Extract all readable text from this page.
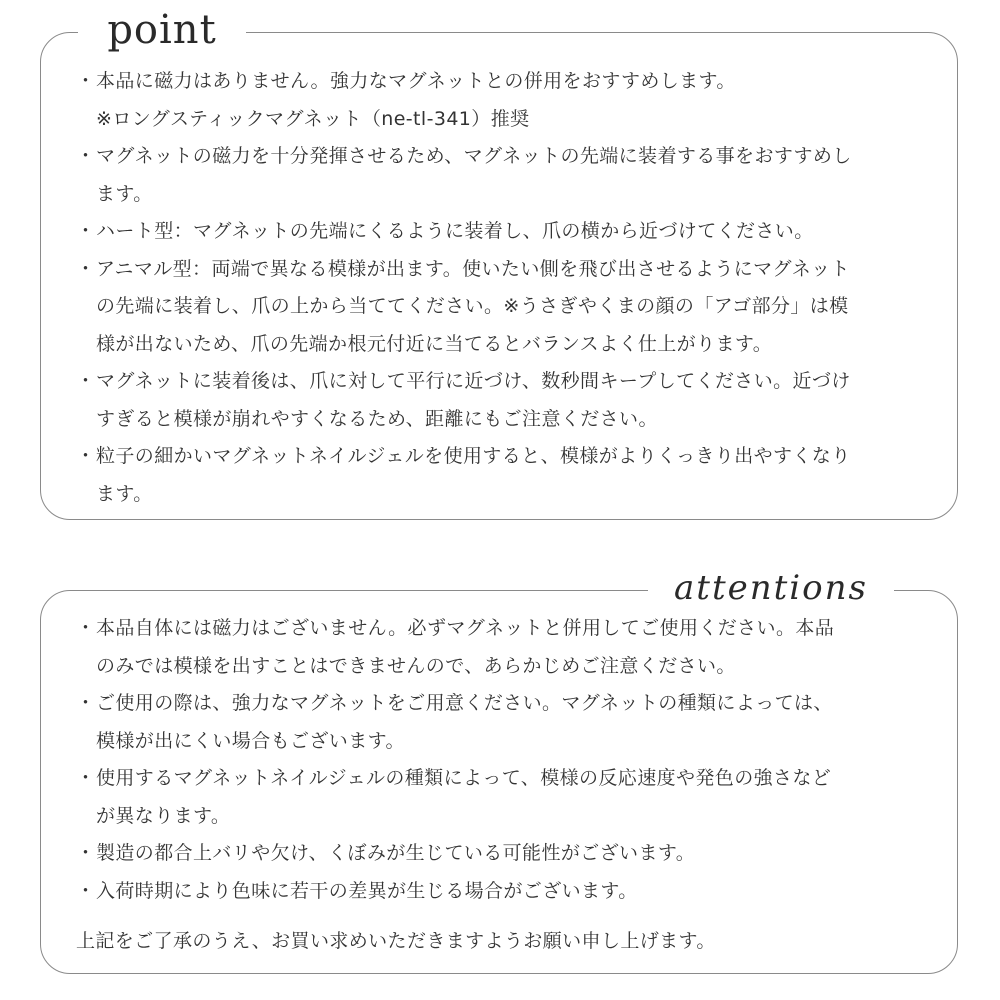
point
・ 本品に磁力はありません。強力なマグネットとの併用をおすすめします。
※ロングスティックマグネット（ne-tl-341）推奨
・ マグネットの磁力を十分発揮させるため、マグネットの先端に装着する事をおすすめし
ます。
・ ハート型：マグネットの先端にくるように装着し、爪の横から近づけてください。
・ アニマル型：両端で異なる模様が出ます。使いたい側を飛び出させるようにマグネット
の先端に装着し、爪の上から当ててください。※うさぎやくまの顔の「アゴ部分」は模
様が出ないため、爪の先端か根元付近に当てるとバランスよく仕上がります。
・ マグネットに装着後は、爪に対して平行に近づけ、数秒間キープしてください。近づけ
すぎると模様が崩れやすくなるため、距離にもご注意ください。
・ 粒子の細かいマグネットネイルジェルを使用すると、模様がよりくっきり出やすくなり
ます。
attentions
・ 本品自体には磁力はございません。必ずマグネットと併用してご使用ください。本品
のみでは模様を出すことはできませんので、あらかじめご注意ください。
・ ご使用の際は、強力なマグネットをご用意ください。マグネットの種類によっては、
模様が出にくい場合もございます。
・ 使用するマグネットネイルジェルの種類によって、模様の反応速度や発色の強さなど
が異なります。
・ 製造の都合上バリや欠け、くぼみが生じている可能性がございます。
・ 入荷時期により色味に若干の差異が生じる場合がございます。
上記をご了承のうえ、お買い求めいただきますようお願い申し上げます。
